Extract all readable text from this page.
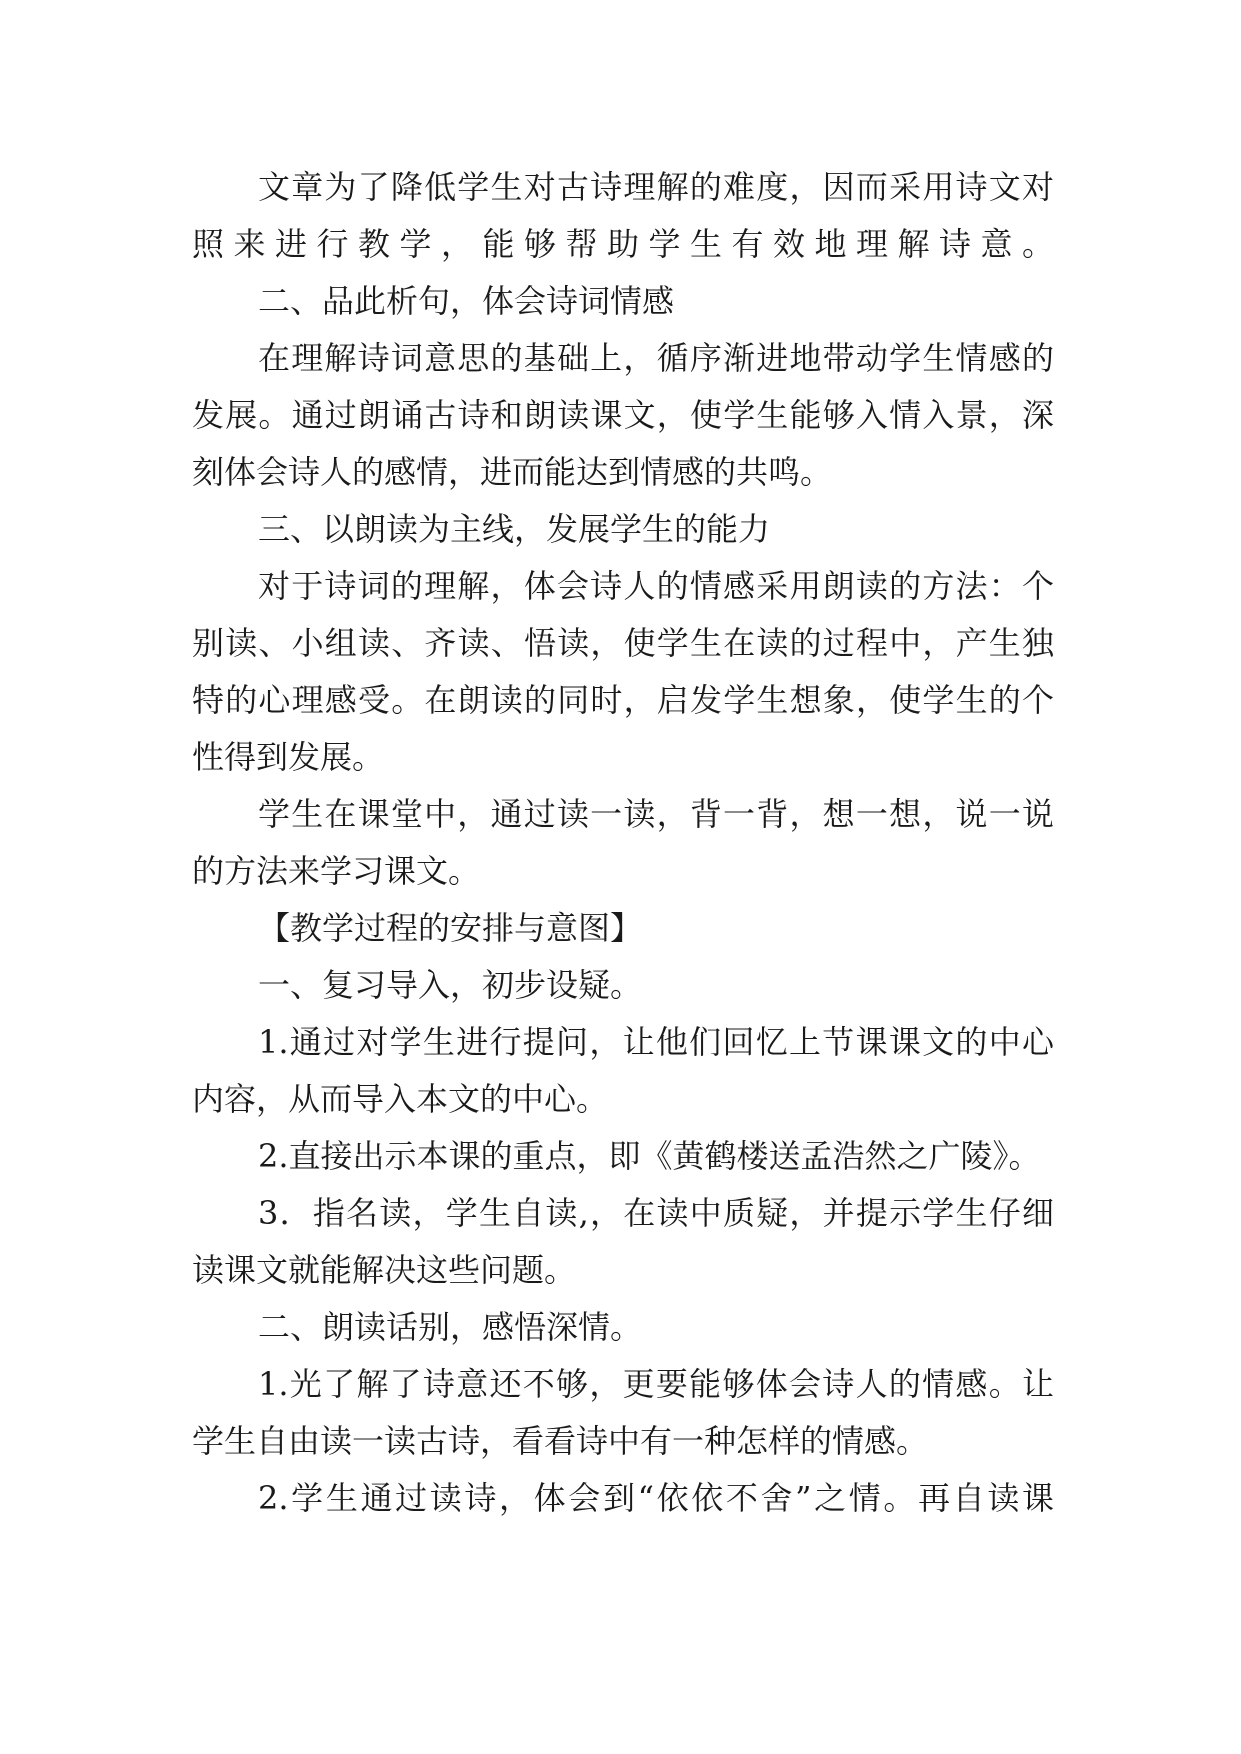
文章为了降低学生对古诗理解的难度，因而采用诗文对
照来进行教学，能够帮助学生有效地理解诗意。
二、品此析句，体会诗词情感
在理解诗词意思的基础上，循序渐进地带动学生情感的
发展。通过朗诵古诗和朗读课文，使学生能够入情入景，深
刻体会诗人的感情，进而能达到情感的共鸣。
三、以朗读为主线，发展学生的能力
对于诗词的理解，体会诗人的情感采用朗读的方法：个
别读、小组读、齐读、悟读，使学生在读的过程中，产生独
特的心理感受。在朗读的同时，启发学生想象，使学生的个
性得到发展。
学生在课堂中，通过读一读，背一背，想一想，说一说
的方法来学习课文。
【教学过程的安排与意图】
一、复习导入，初步设疑。
1.通过对学生进行提问，让他们回忆上节课课文的中心
内容，从而导入本文的中心。
2.直接出示本课的重点，即《黄鹤楼送孟浩然之广陵》。
3．指名读，学生自读,，在读中质疑，并提示学生仔细
读课文就能解决这些问题。
二、朗读话别，感悟深情。
1.光了解了诗意还不够，更要能够体会诗人的情感。让
学生自由读一读古诗，看看诗中有一种怎样的情感。
2.学生通过读诗，体会到“依依不舍”之情。再自读课
